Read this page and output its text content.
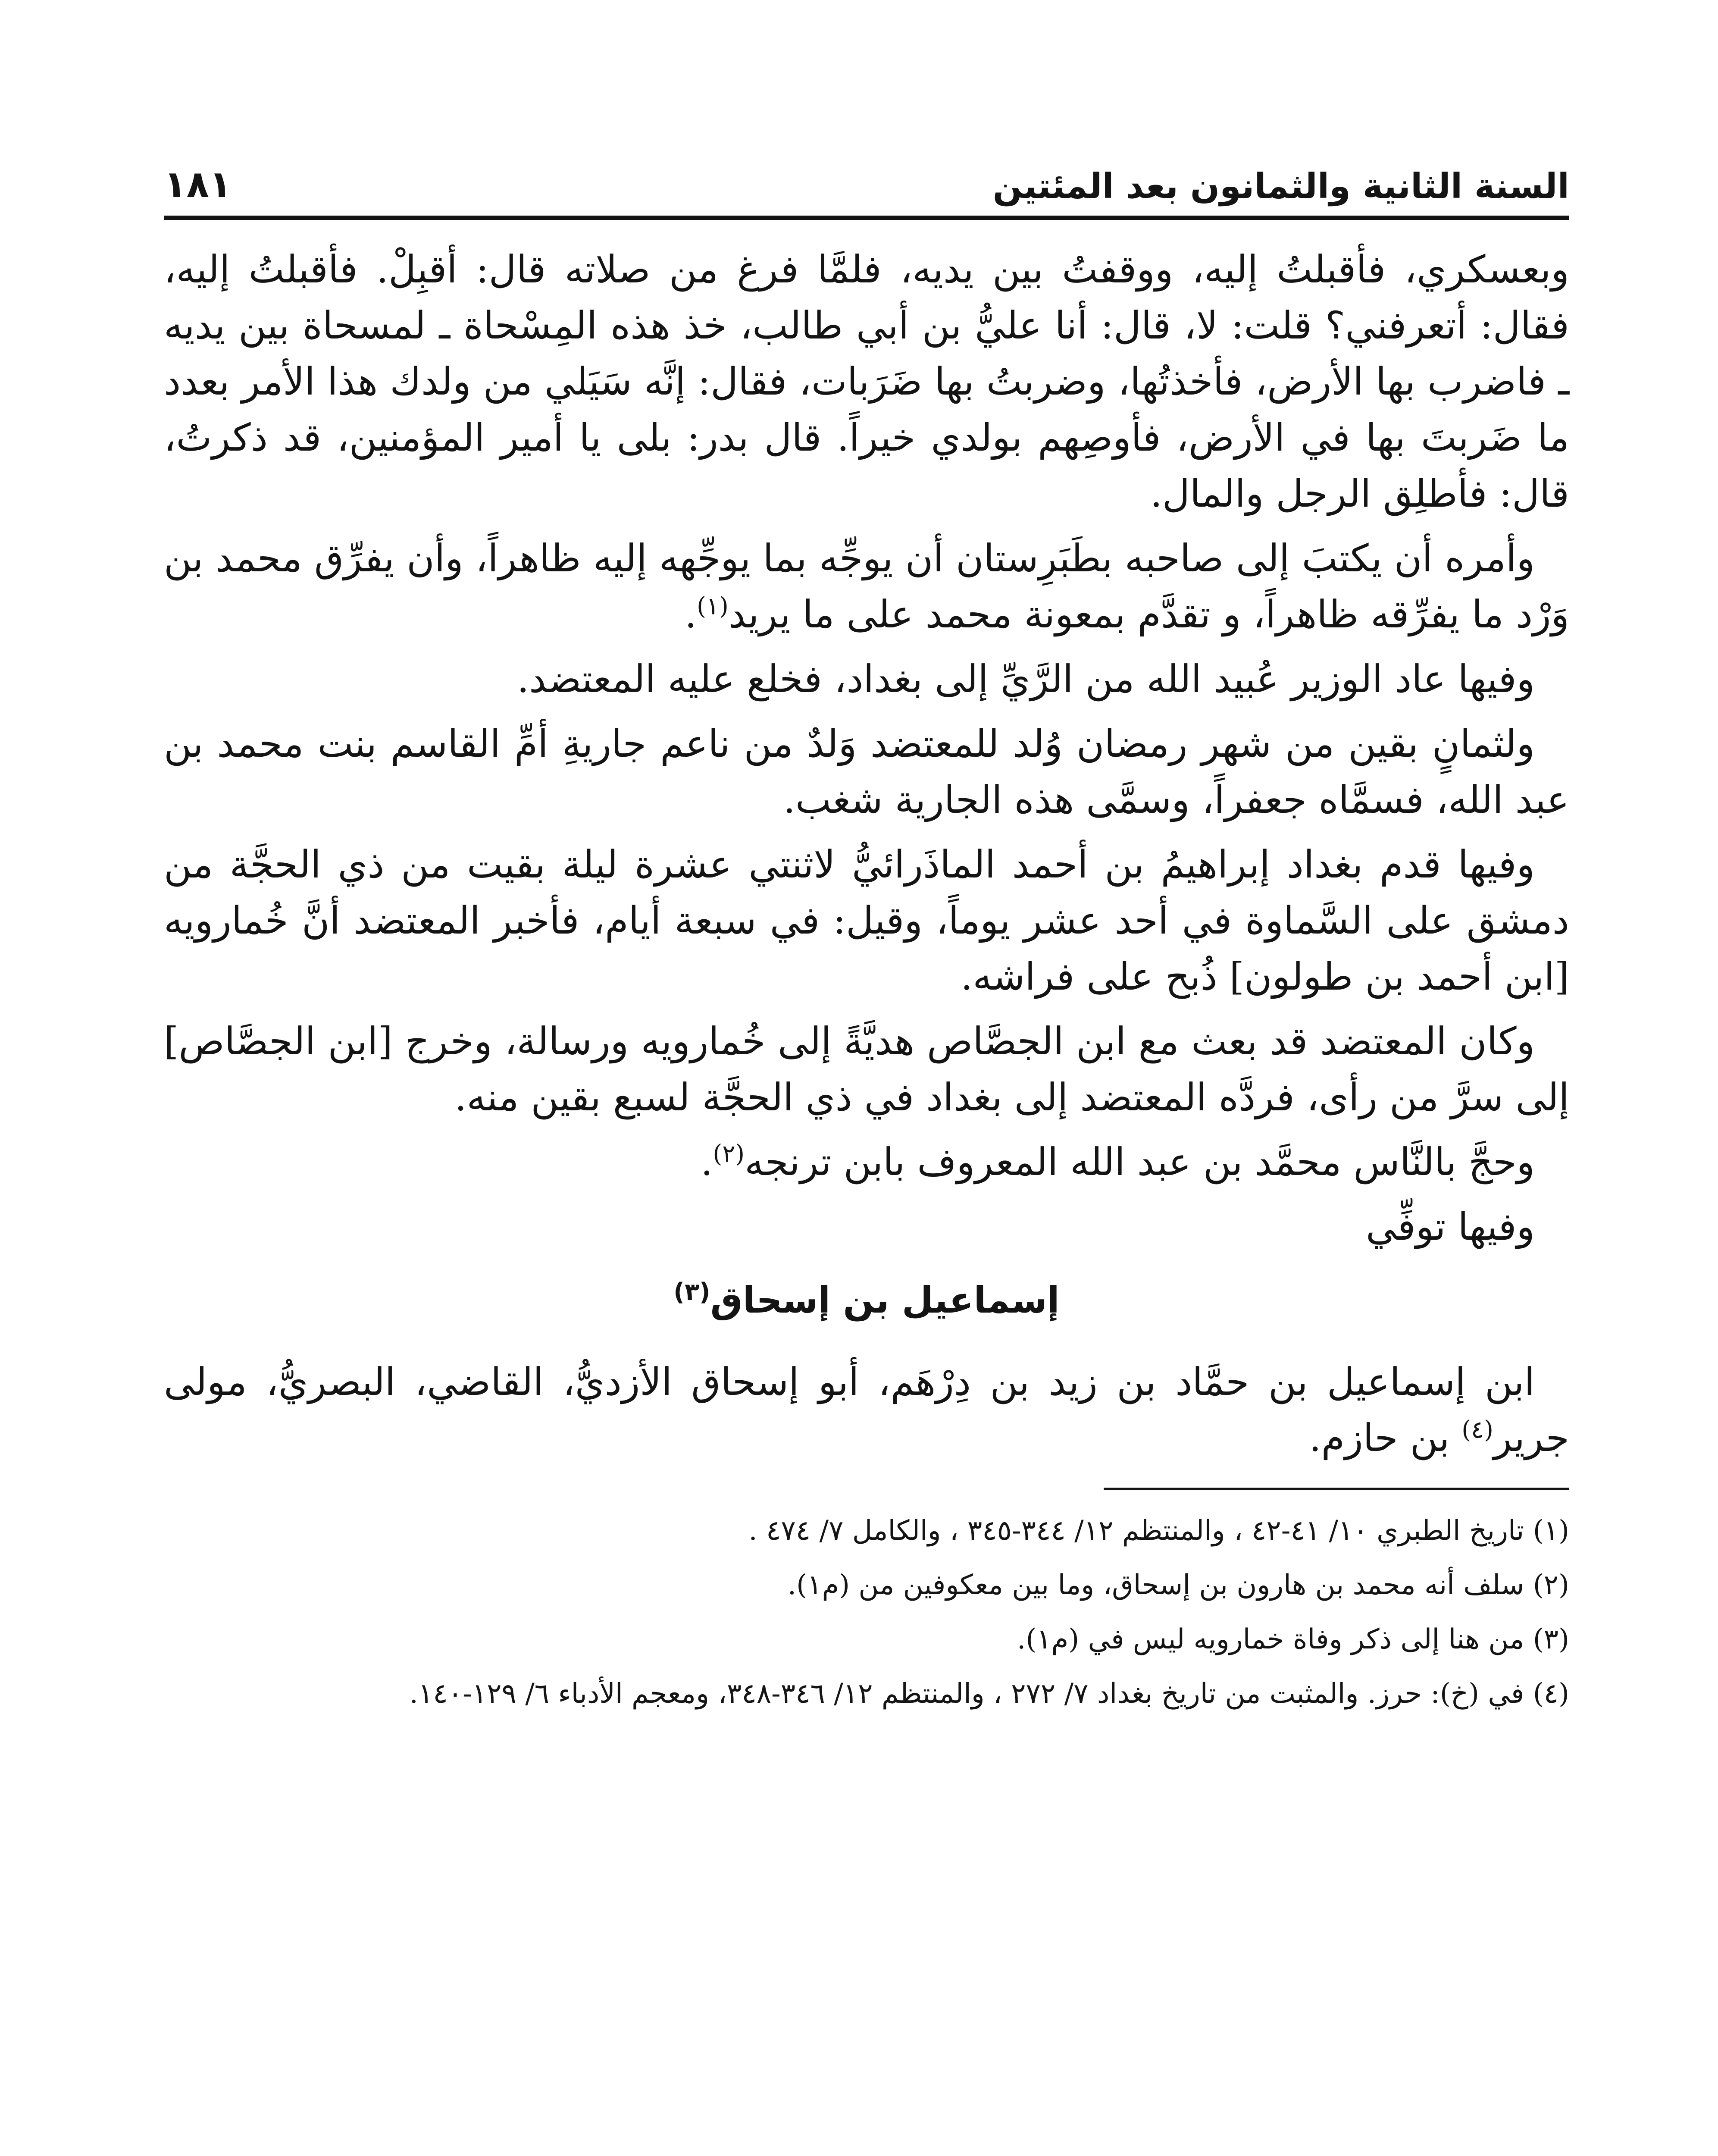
السنة الثانية والثمانون بعد المئتين
١٨١

وبعسكري، فأقبلتُ إليه، ووقفتُ بين يديه، فلمَّا فرغ من صلاته قال: أقبِلْ. فأقبلتُ إليه، فقال: أتعرفني؟ قلت: لا، قال: أنا عليُّ بن أبي طالب، خذ هذه المِسْحاة ـ لمسحاة بين يديه ـ فاضرب بها الأرض، فأخذتُها، وضربتُ بها ضَرَبات، فقال: إنَّه سَيَلي من ولدك هذا الأمر بعدد ما ضَربتَ بها في الأرض، فأوصِهم بولدي خيراً. قال بدر: بلى يا أمير المؤمنين، قد ذكرتُ، قال: فأطلِق الرجل والمال.

وأمره أن يكتبَ إلى صاحبه بطَبَرِستان أن يوجِّه بما يوجِّهه إليه ظاهراً، وأن يفرِّق محمد بن وَرْد ما يفرِّقه ظاهراً، و تقدَّم بمعونة محمد على ما يريد$^{(١)}$.

وفيها عاد الوزير عُبيد الله من الرَّيِّ إلى بغداد، فخلع عليه المعتضد.

ولثمانٍ بقين من شهر رمضان وُلد للمعتضد وَلدٌ من ناعم جاريةِ أمِّ القاسم بنت محمد بن عبد الله، فسمَّاه جعفراً، وسمَّى هذه الجارية شغب.

وفيها قدم بغداد إبراهيمُ بن أحمد الماذَرائيُّ لاثنتي عشرة ليلة بقيت من ذي الحجَّة من دمشق على السَّماوة في أحد عشر يوماً، وقيل: في سبعة أيام، فأخبر المعتضد أنَّ خُمارويه [ابن أحمد بن طولون] ذُبح على فراشه.

وكان المعتضد قد بعث مع ابن الجصَّاص هديَّةً إلى خُمارويه ورسالة، وخرج [ابن الجصَّاص] إلى سرَّ من رأى، فردَّه المعتضد إلى بغداد في ذي الحجَّة لسبع بقين منه.

وحجَّ بالنَّاس محمَّد بن عبد الله المعروف بابن ترنجه$^{(٢)}$.

وفيها توفِّي

إسماعيل بن إسحاق$^{(٣)}$

ابن إسماعيل بن حمَّاد بن زيد بن دِرْهَم، أبو إسحاق الأزديُّ، القاضي، البصريُّ، مولى جرير$^{(٤)}$ بن حازم.

(١) تاريخ الطبري ١٠/ ٤١-٤٢ ، والمنتظم ١٢/ ٣٤٤-٣٤٥ ، والكامل ٧/ ٤٧٤ .

(٢) سلف أنه محمد بن هارون بن إسحاق، وما بين معكوفين من (م١).

(٣) من هنا إلى ذكر وفاة خمارويه ليس في (م١).

(٤) في (خ): حرز. والمثبت من تاريخ بغداد ٧/ ٢٧٢ ، والمنتظم ١٢/ ٣٤٦-٣٤٨، ومعجم الأدباء ٦/ ١٢٩-١٤٠.
